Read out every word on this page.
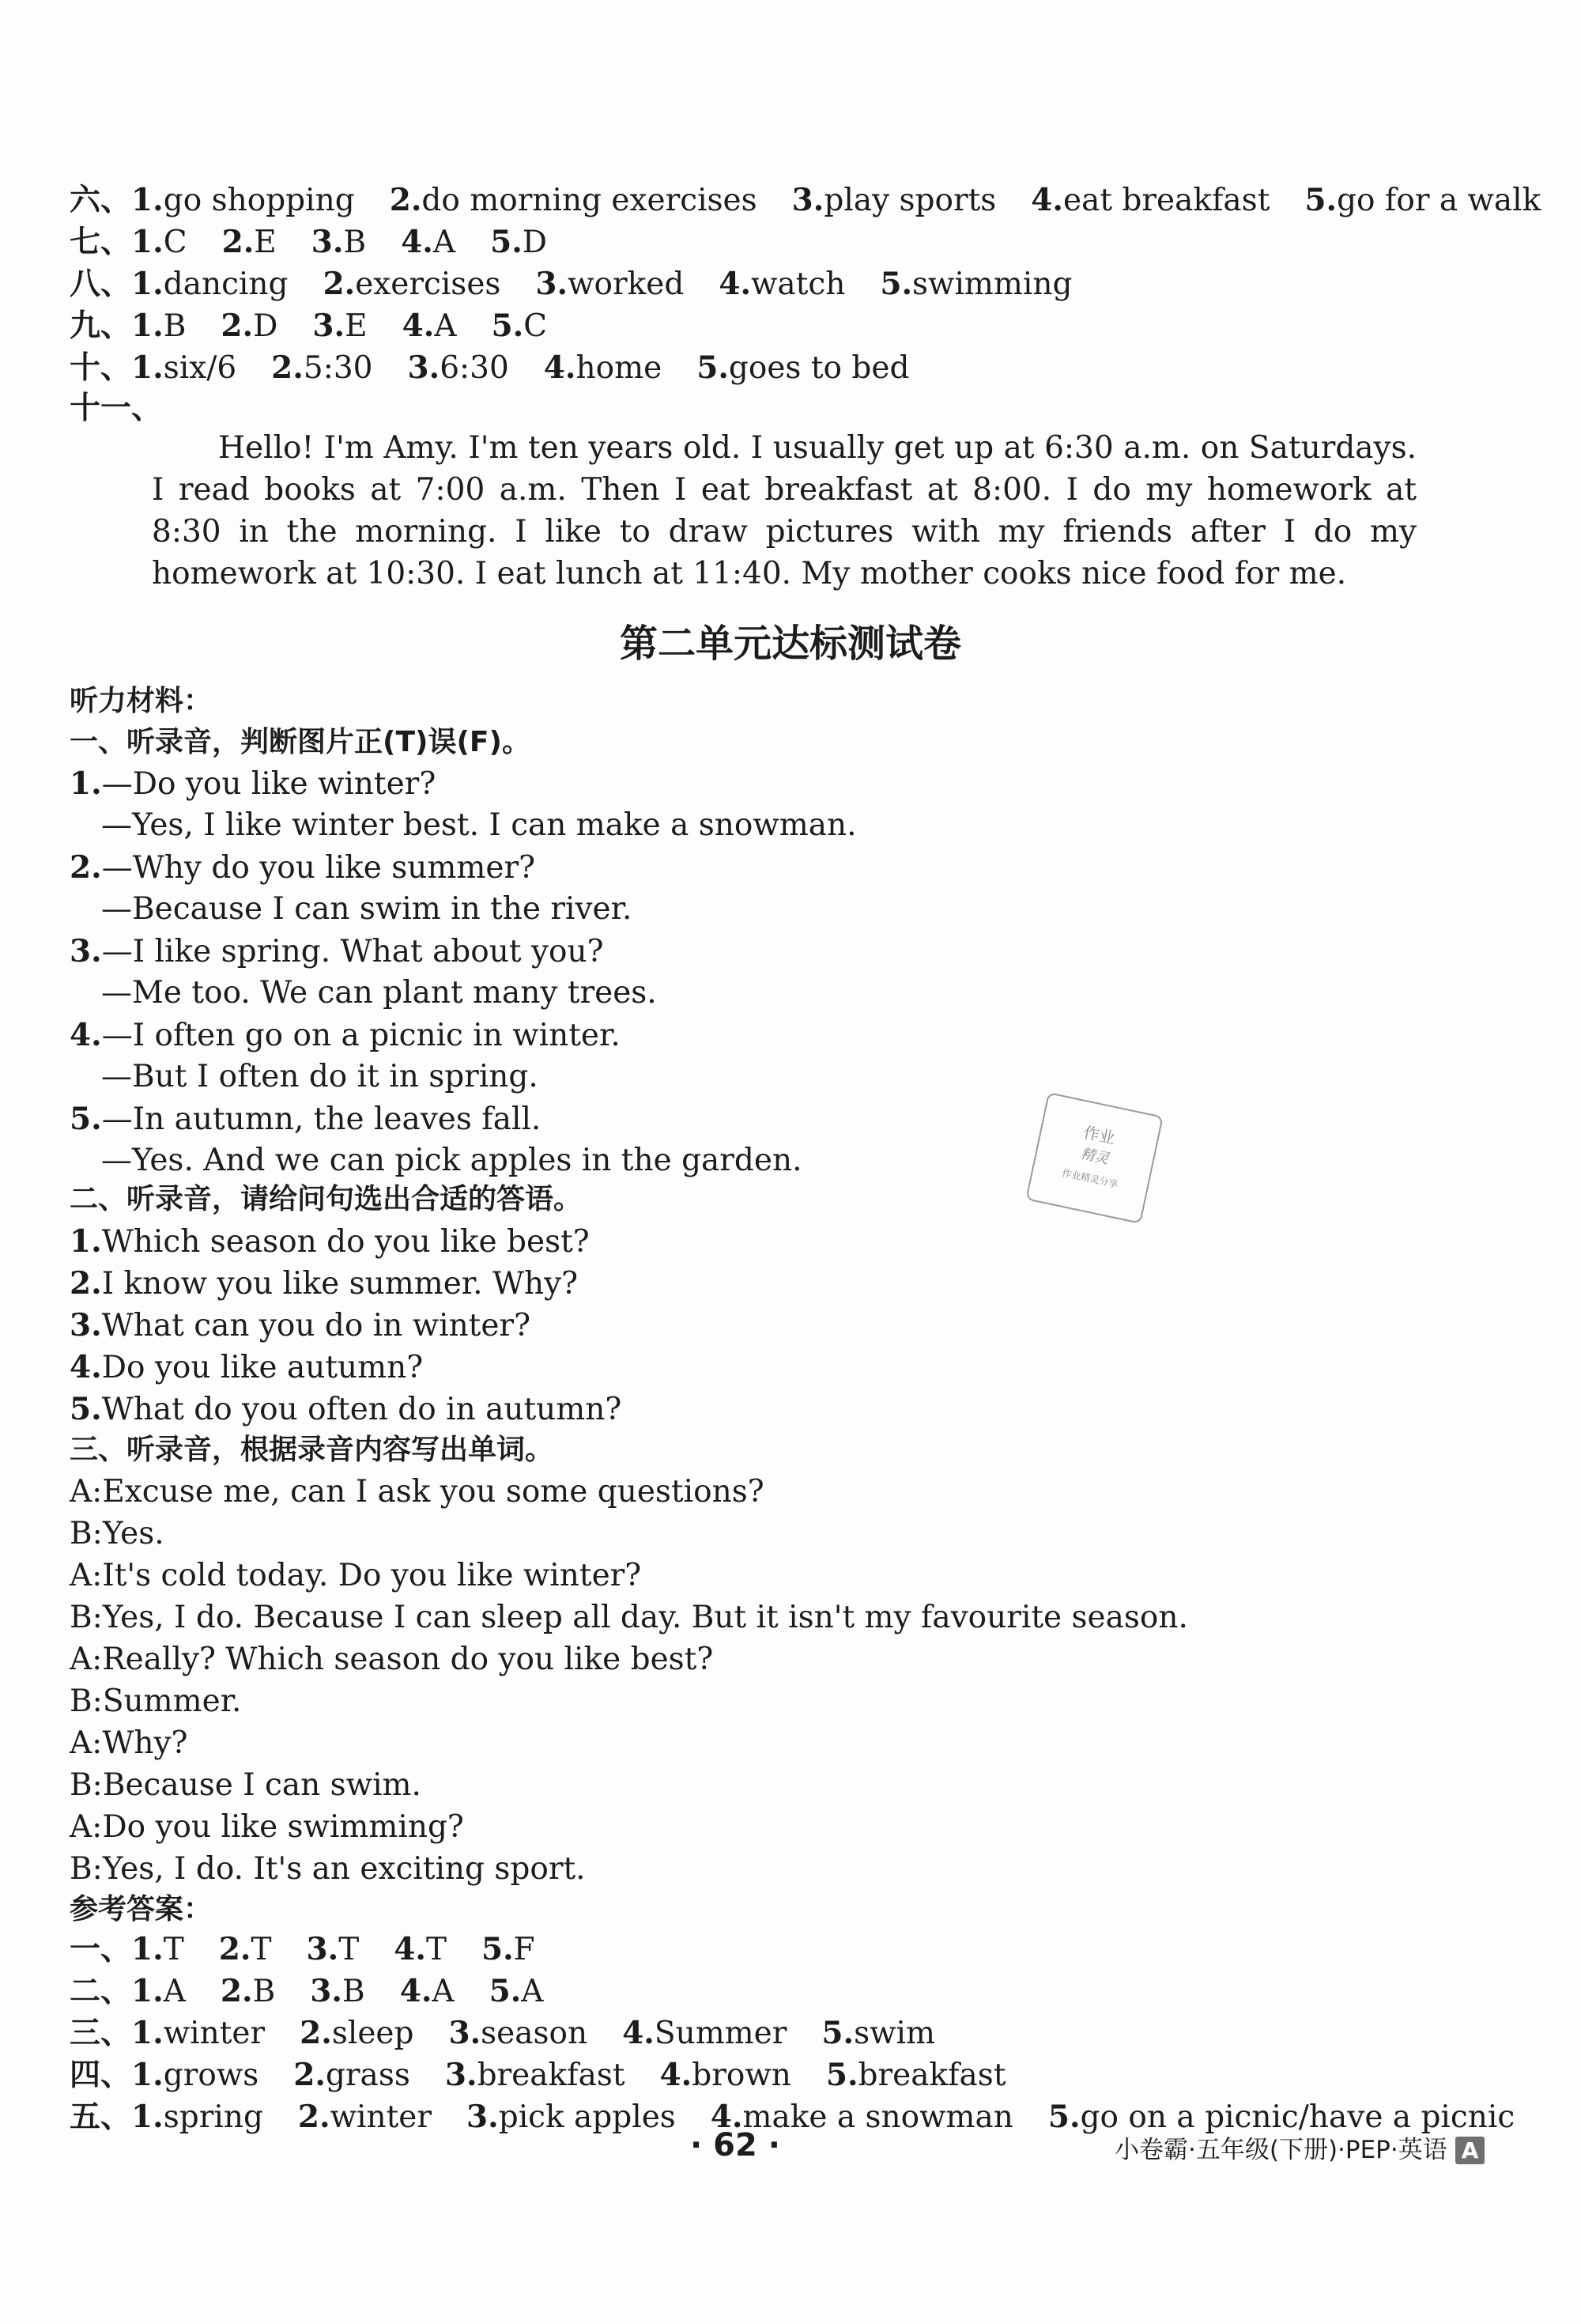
六、1.go shopping 2.do morning exercises 3.play sports 4.eat breakfast 5.go for a walk
七、1.C 2.E 3.B 4.A 5.D
八、1.dancing 2.exercises 3.worked 4.watch 5.swimming
九、1.B 2.D 3.E 4.A 5.C
十、1.six/6 2.5:30 3.6:30 4.home 5.goes to bed
十一、
Hello! I'm Amy. I'm ten years old. I usually get up at 6:30 a.m. on Saturdays. I read books at 7:00 a.m. Then I eat breakfast at 8:00. I do my homework at 8:30 in the morning. I like to draw pictures with my friends after I do my homework at 10:30. I eat lunch at 11:40. My mother cooks nice food for me.
第二单元达标测试卷
听力材料：
一、听录音，判断图片正(T)误(F)。
1.—Do you like winter?
—Yes, I like winter best. I can make a snowman.
2.—Why do you like summer?
—Because I can swim in the river.
3.—I like spring. What about you?
—Me too. We can plant many trees.
4.—I often go on a picnic in winter.
—But I often do it in spring.
5.—In autumn, the leaves fall.
—Yes. And we can pick apples in the garden.
二、听录音，请给问句选出合适的答语。
1.Which season do you like best?
2.I know you like summer. Why?
3.What can you do in winter?
4.Do you like autumn?
5.What do you often do in autumn?
三、听录音，根据录音内容写出单词。
A:Excuse me, can I ask you some questions?
B:Yes.
A:It's cold today. Do you like winter?
B:Yes, I do. Because I can sleep all day. But it isn't my favourite season.
A:Really? Which season do you like best?
B:Summer.
A:Why?
B:Because I can swim.
A:Do you like swimming?
B:Yes, I do. It's an exciting sport.
参考答案：
一、1.T 2.T 3.T 4.T 5.F
二、1.A 2.B 3.B 4.A 5.A
三、1.winter 2.sleep 3.season 4.Summer 5.swim
四、1.grows 2.grass 3.breakfast 4.brown 5.breakfast
五、1.spring 2.winter 3.pick apples 4.make a snowman 5.go on a picnic/have a picnic
作业
精灵
作业精灵分享
· 62 ·	小卷霸·五年级(下册)·PEP·英语 A
